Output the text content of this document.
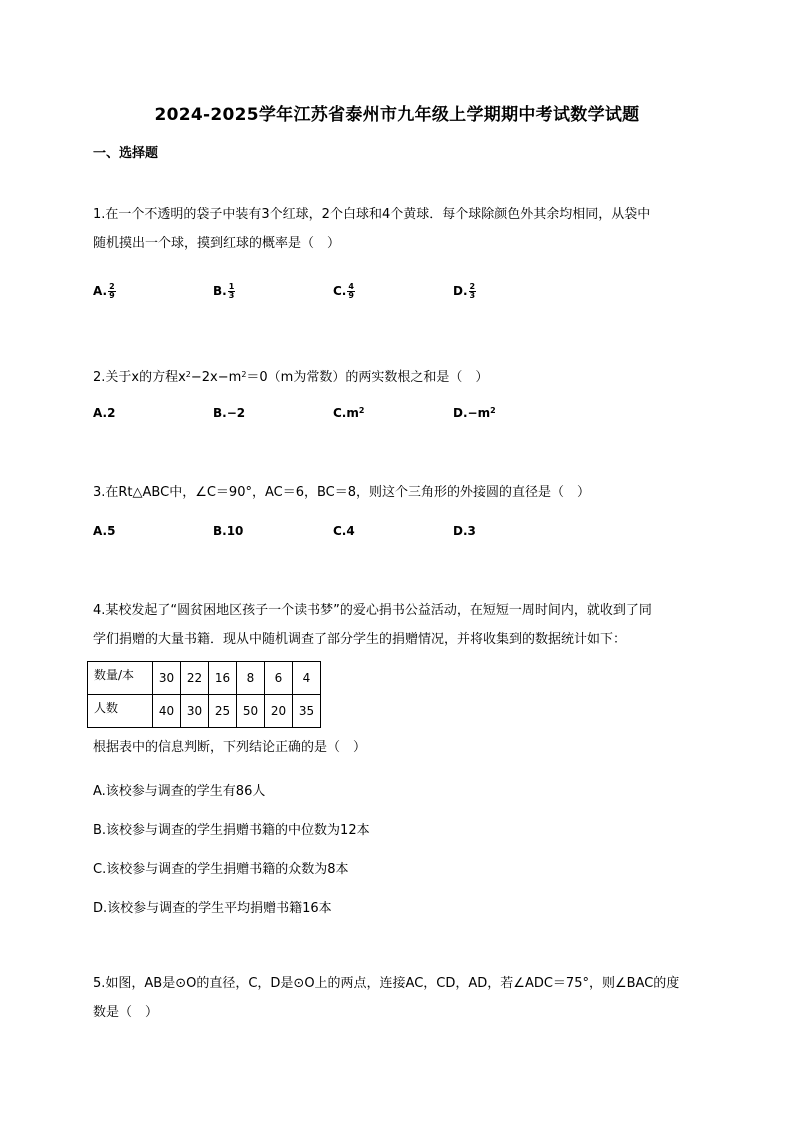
2024-2025学年江苏省泰州市九年级上学期期中考试数学试题
一、选择题
1.在一个不透明的袋子中装有3个红球，2个白球和4个黄球．每个球除颜色外其余均相同，从袋中
随机摸出一个球，摸到红球的概率是（　）
A. $\frac{2}{9}$	B. $\frac{1}{3}$	C. $\frac{4}{9}$	D. $\frac{2}{3}$
2.关于x的方程$x^2-2x-m^2=0(m$为常数）的两实数根之和是（　）
A.2	B.−2	$C.m^2$	$D.-m^2$
3.在Rt△ABC中，∠C＝90°，AC＝6，BC＝8，则这个三角形的外接圆的直径是（　）
A.5	B.10	C.4	D.3
4.某校发起了“圆贫困地区孩子一个读书梦”的爱心捐书公益活动，在短短一周时间内，就收到了同
学们捐赠的大量书籍．现从中随机调查了部分学生的捐赠情况，并将收集到的数据统计如下：
数量/本	30	22	16	8	6	4
人数	40	30	25	50	20	35
根据表中的信息判断，下列结论正确的是（　）
A.该校参与调查的学生有86人
B.该校参与调查的学生捐赠书籍的中位数为12本
C.该校参与调查的学生捐赠书籍的众数为8本
D.该校参与调查的学生平均捐赠书籍16本
5.如图，AB是⊙O的直径，C，D是⊙O上的两点，连接AC，CD，AD，若∠ADC＝75°，则∠BAC的度
数是（　）
